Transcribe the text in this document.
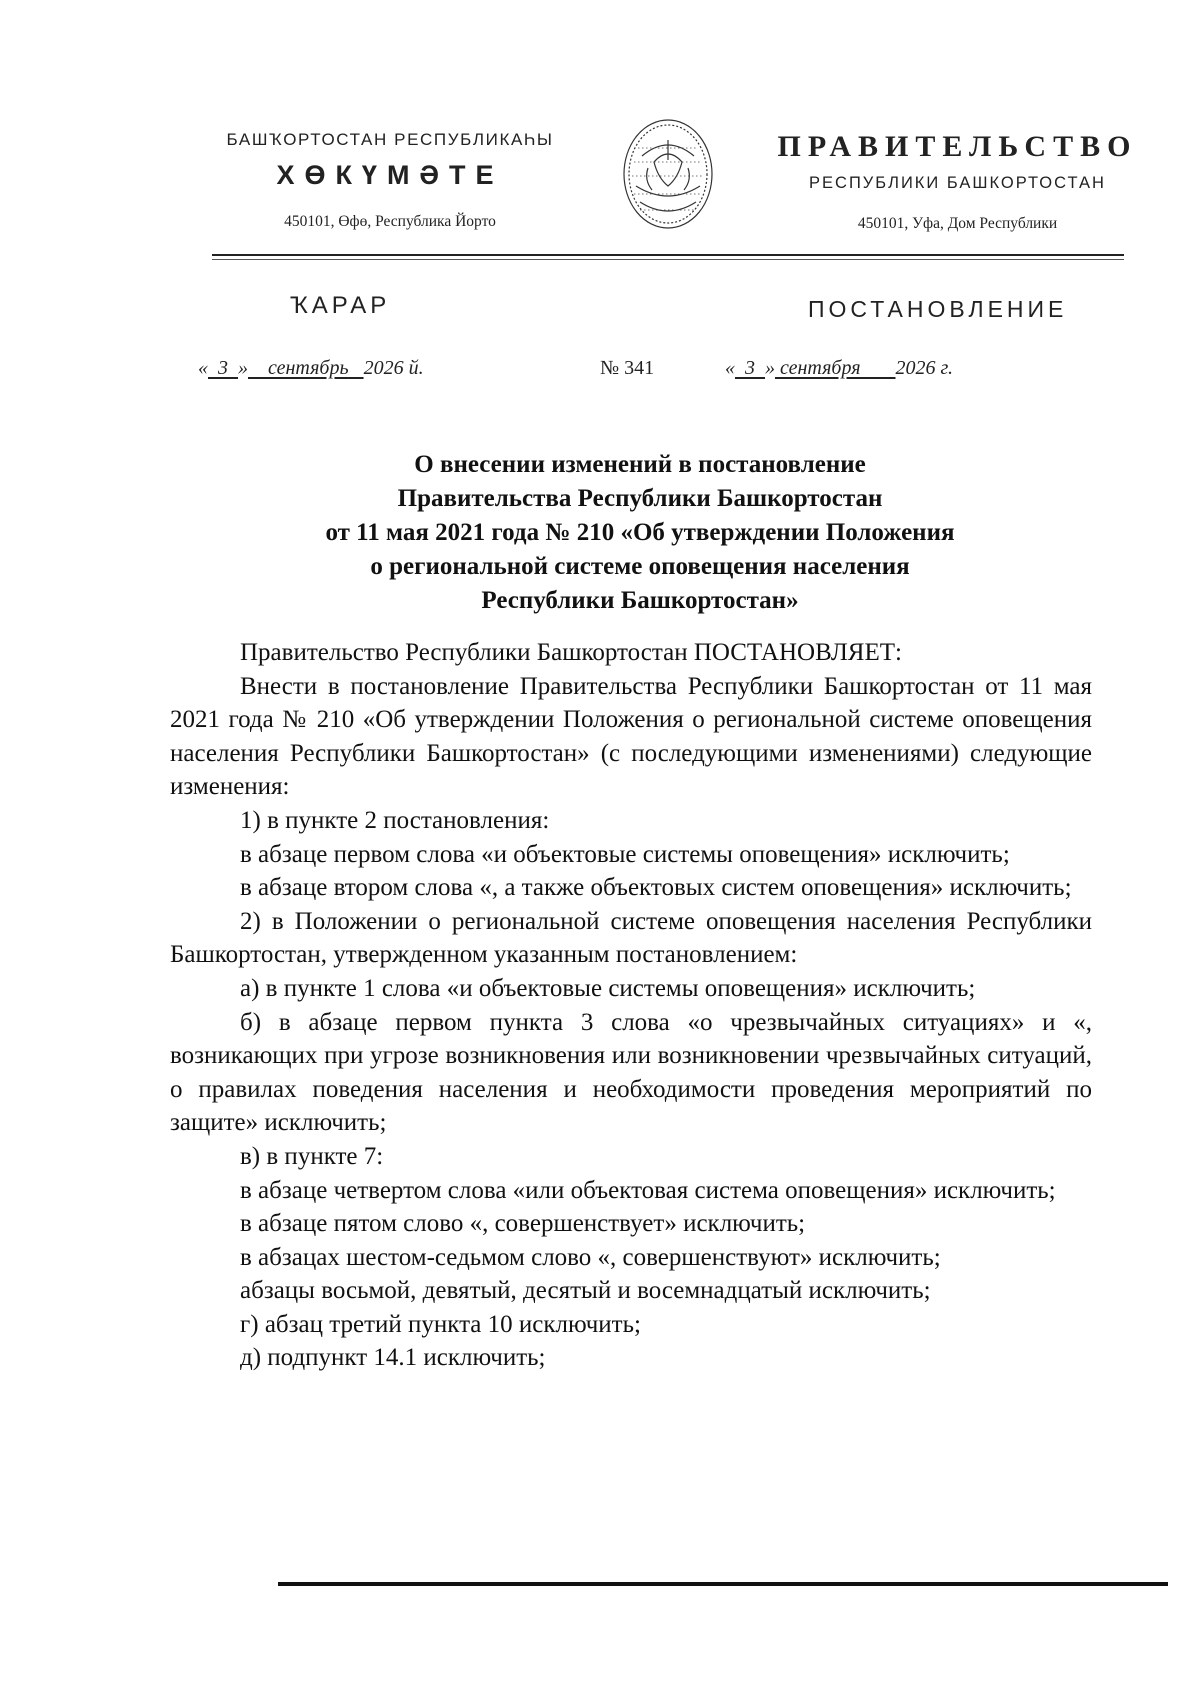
БАШҠОРТОСТАН РЕСПУБЛИКАҺЫ
ХӨКҮМӘТЕ
450101, Өфө, Республика Йорто
ПРАВИТЕЛЬСТВО
РЕСПУБЛИКИ БАШКОРТОСТАН
450101, Уфа, Дом Республики
ҠАРАР	ПОСТАНОВЛЕНИЕ
« 3 » сентябрь 2026 й.	№ 341	« 3 » сентября 2026 г.
О внесении изменений в постановление
Правительства Республики Башкортостан
от 11 мая 2021 года № 210 «Об утверждении Положения
о региональной системе оповещения населения
Республики Башкортостан»

Правительство Республики Башкортостан ПОСТАНОВЛЯЕТ:

Внести в постановление Правительства Республики Башкортостан от 11 мая 2021 года № 210 «Об утверждении Положения о региональной системе оповещения населения Республики Башкортостан» (с последующими изменениями) следующие изменения:

1) в пункте 2 постановления:

в абзаце первом слова «и объектовые системы оповещения» исключить;

в абзаце втором слова «, а также объектовых систем оповещения» исключить;

2) в Положении о региональной системе оповещения населения Республики Башкортостан, утвержденном указанным постановлением:

а) в пункте 1 слова «и объектовые системы оповещения» исключить;

б) в абзаце первом пункта 3 слова «о чрезвычайных ситуациях» и «, возникающих при угрозе возникновения или возникновении чрезвычайных ситуаций, о правилах поведения населения и необходимости проведения мероприятий по защите» исключить;

в) в пункте 7:

в абзаце четвертом слова «или объектовая система оповещения» исключить;

в абзаце пятом слово «, совершенствует» исключить;

в абзацах шестом-седьмом слово «, совершенствуют» исключить;

абзацы восьмой, девятый, десятый и восемнадцатый исключить;

г) абзац третий пункта 10 исключить;

д) подпункт 14.1 исключить;
